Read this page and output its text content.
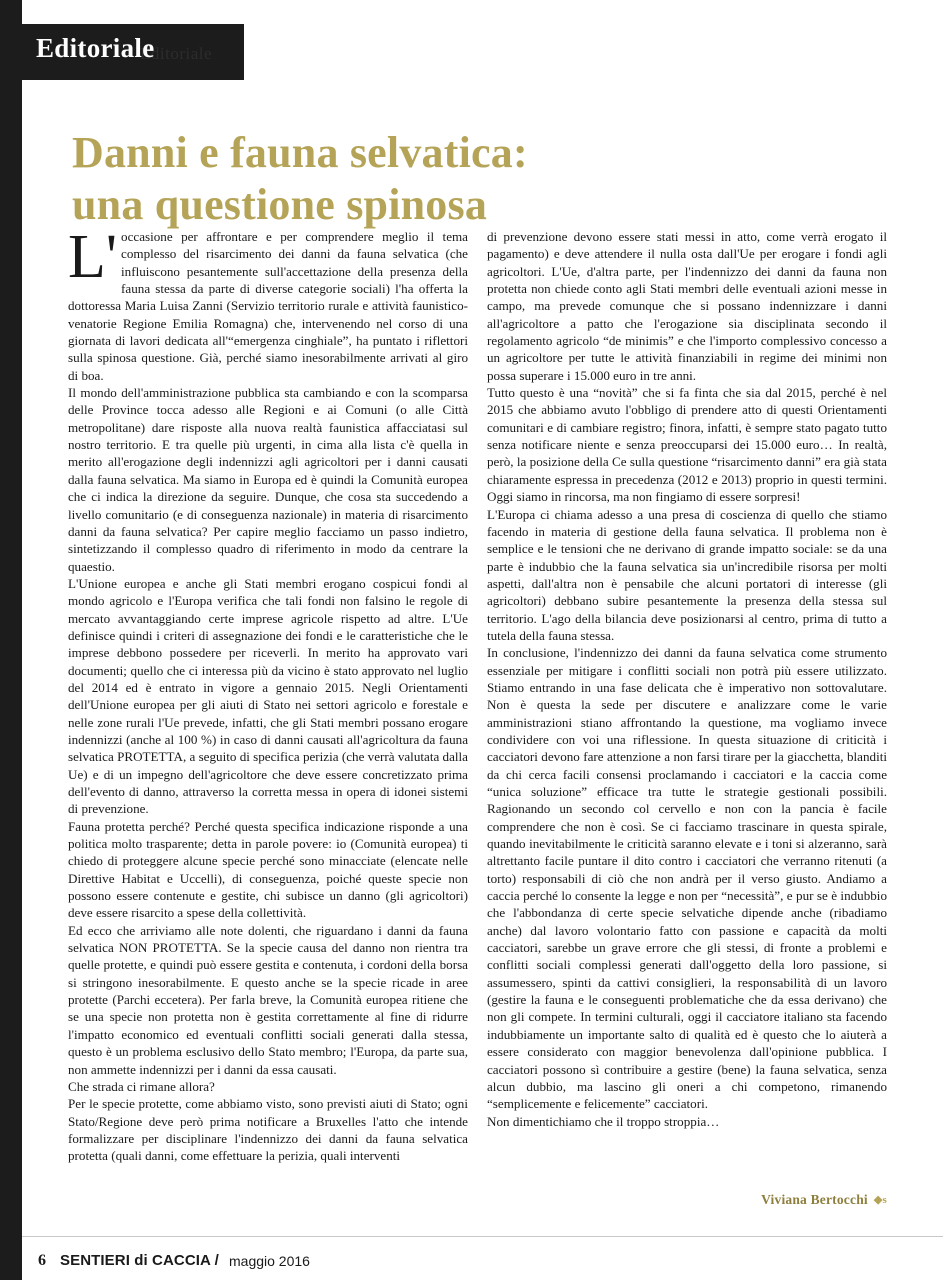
Editoriale
Editoriale
Danni e fauna selvatica:
una questione spinosa

L' occasione per affrontare e per comprendere meglio il tema complesso del risarcimento dei danni da fauna selvatica (che influiscono pesantemente sull'accettazione della presenza della fauna stessa da parte di diverse categorie sociali) l'ha offerta la dottoressa Maria Luisa Zanni (Servizio territorio rurale e attività faunistico-venatorie Regione Emilia Romagna) che, intervenendo nel corso di una giornata di lavori dedicata all'“emergenza cinghiale”, ha puntato i riflettori sulla spinosa questione. Già, perché siamo inesorabilmente arrivati al giro di boa.

Il mondo dell'amministrazione pubblica sta cambiando e con la scomparsa delle Province tocca adesso alle Regioni e ai Comuni (o alle Città metropolitane) dare risposte alla nuova realtà faunistica affacciatasi sul nostro territorio. E tra quelle più urgenti, in cima alla lista c'è quella in merito all'erogazione degli indennizzi agli agricoltori per i danni causati dalla fauna selvatica. Ma siamo in Europa ed è quindi la Comunità europea che ci indica la direzione da seguire. Dunque, che cosa sta succedendo a livello comunitario (e di conseguenza nazionale) in materia di risarcimento danni da fauna selvatica? Per capire meglio facciamo un passo indietro, sintetizzando il complesso quadro di riferimento in modo da centrare la quaestio.

L'Unione europea e anche gli Stati membri erogano cospicui fondi al mondo agricolo e l'Europa verifica che tali fondi non falsino le regole di mercato avvantaggiando certe imprese agricole rispetto ad altre. L'Ue definisce quindi i criteri di assegnazione dei fondi e le caratteristiche che le imprese debbono possedere per riceverli. In merito ha approvato vari documenti; quello che ci interessa più da vicino è stato approvato nel luglio del 2014 ed è entrato in vigore a gennaio 2015. Negli Orientamenti dell'Unione europea per gli aiuti di Stato nei settori agricolo e forestale e nelle zone rurali l'Ue prevede, infatti, che gli Stati membri possano erogare indennizzi (anche al 100 %) in caso di danni causati all'agricoltura da fauna selvatica PROTETTA, a seguito di specifica perizia (che verrà valutata dalla Ue) e di un impegno dell'agricoltore che deve essere concretizzato prima dell'evento di danno, attraverso la corretta messa in opera di idonei sistemi di prevenzione.

Fauna protetta perché? Perché questa specifica indicazione risponde a una politica molto trasparente; detta in parole povere: io (Comunità europea) ti chiedo di proteggere alcune specie perché sono minacciate (elencate nelle Direttive Habitat e Uccelli), di conseguenza, poiché queste specie non possono essere contenute e gestite, chi subisce un danno (gli agricoltori) deve essere risarcito a spese della collettività.

Ed ecco che arriviamo alle note dolenti, che riguardano i danni da fauna selvatica NON PROTETTA. Se la specie causa del danno non rientra tra quelle protette, e quindi può essere gestita e contenuta, i cordoni della borsa si stringono inesorabilmente. E questo anche se la specie ricade in aree protette (Parchi eccetera). Per farla breve, la Comunità europea ritiene che se una specie non protetta non è gestita correttamente al fine di ridurre l'impatto economico ed eventuali conflitti sociali generati dalla stessa, questo è un problema esclusivo dello Stato membro; l'Europa, da parte sua, non ammette indennizzi per i danni da essa causati.

Che strada ci rimane allora?

Per le specie protette, come abbiamo visto, sono previsti aiuti di Stato; ogni Stato/Regione deve però prima notificare a Bruxelles l'atto che intende formalizzare per disciplinare l'indennizzo dei danni da fauna selvatica protetta (quali danni, come effettuare la perizia, quali interventi

di prevenzione devono essere stati messi in atto, come verrà erogato il pagamento) e deve attendere il nulla osta dall'Ue per erogare i fondi agli agricoltori. L'Ue, d'altra parte, per l'indennizzo dei danni da fauna non protetta non chiede conto agli Stati membri delle eventuali azioni messe in campo, ma prevede comunque che si possano indennizzare i danni all'agricoltore a patto che l'erogazione sia disciplinata secondo il regolamento agricolo “de minimis” e che l'importo complessivo concesso a un agricoltore per tutte le attività finanziabili in regime dei minimi non possa superare i 15.000 euro in tre anni.

Tutto questo è una “novità” che si fa finta che sia dal 2015, perché è nel 2015 che abbiamo avuto l'obbligo di prendere atto di questi Orientamenti comunitari e di cambiare registro; finora, infatti, è sempre stato pagato tutto senza notificare niente e senza preoccuparsi dei 15.000 euro… In realtà, però, la posizione della Ce sulla questione “risarcimento danni” era già stata chiaramente espressa in precedenza (2012 e 2013) proprio in questi termini. Oggi siamo in rincorsa, ma non fingiamo di essere sorpresi!

L'Europa ci chiama adesso a una presa di coscienza di quello che stiamo facendo in materia di gestione della fauna selvatica. Il problema non è semplice e le tensioni che ne derivano di grande impatto sociale: se da una parte è indubbio che la fauna selvatica sia un'incredibile risorsa per molti aspetti, dall'altra non è pensabile che alcuni portatori di interesse (gli agricoltori) debbano subire pesantemente la presenza della stessa sul territorio. L'ago della bilancia deve posizionarsi al centro, prima di tutto a tutela della fauna stessa.

In conclusione, l'indennizzo dei danni da fauna selvatica come strumento essenziale per mitigare i conflitti sociali non potrà più essere utilizzato. Stiamo entrando in una fase delicata che è imperativo non sottovalutare. Non è questa la sede per discutere e analizzare come le varie amministrazioni stiano affrontando la questione, ma vogliamo invece condividere con voi una riflessione. In questa situazione di criticità i cacciatori devono fare attenzione a non farsi tirare per la giacchetta, blanditi da chi cerca facili consensi proclamando i cacciatori e la caccia come “unica soluzione” efficace tra tutte le strategie gestionali possibili. Ragionando un secondo col cervello e non con la pancia è facile comprendere che non è così. Se ci facciamo trascinare in questa spirale, quando inevitabilmente le criticità saranno elevate e i toni si alzeranno, sarà altrettanto facile puntare il dito contro i cacciatori che verranno ritenuti (a torto) responsabili di ciò che non andrà per il verso giusto. Andiamo a caccia perché lo consente la legge e non per “necessità”, e pur se è indubbio che l'abbondanza di certe specie selvatiche dipende anche (ribadiamo anche) dal lavoro volontario fatto con passione e capacità da molti cacciatori, sarebbe un grave errore che gli stessi, di fronte a problemi e conflitti sociali complessi generati dall'oggetto della loro passione, si assumessero, spinti da cattivi consiglieri, la responsabilità di un lavoro (gestire la fauna e le conseguenti problematiche che da essa derivano) che non gli compete. In termini culturali, oggi il cacciatore italiano sta facendo indubbiamente un importante salto di qualità ed è questo che lo aiuterà a essere considerato con maggior benevolenza dall'opinione pubblica. I cacciatori possono sì contribuire a gestire (bene) la fauna selvatica, senza alcun dubbio, ma lascino gli oneri a chi competono, rimanendo “semplicemente e felicemente” cacciatori.

Non dimentichiamo che il troppo stroppia…

Viviana Bertocchi ◆s
6 SENTIERI di CACCIA / maggio 2016
